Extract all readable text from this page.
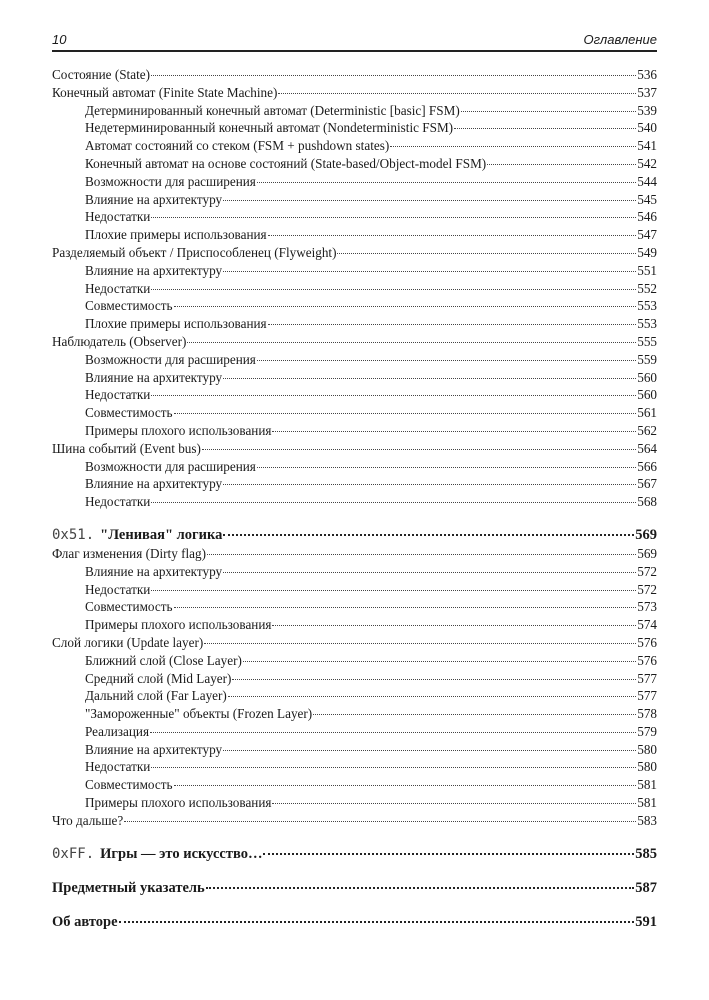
10	Оглавление
Состояние (State)	536
Конечный автомат (Finite State Machine)	537
Детерминированный конечный автомат (Deterministic [basic] FSM)	539
Недетерминированный конечный автомат (Nondeterministic FSM)	540
Автомат состояний со стеком (FSM + pushdown states)	541
Конечный автомат на основе состояний (State-based/Object-model FSM)	542
Возможности для расширения	544
Влияние на архитектуру	545
Недостатки	546
Плохие примеры использования	547
Разделяемый объект / Приспособленец (Flyweight)	549
Влияние на архитектуру	551
Недостатки	552
Совместимость	553
Плохие примеры использования	553
Наблюдатель (Observer)	555
Возможности для расширения	559
Влияние на архитектуру	560
Недостатки	560
Совместимость	561
Примеры плохого использования	562
Шина событий (Event bus)	564
Возможности для расширения	566
Влияние на архитектуру	567
Недостатки	568
0x51. "Ленивая" логика	569
Флаг изменения (Dirty flag)	569
Влияние на архитектуру	572
Недостатки	572
Совместимость	573
Примеры плохого использования	574
Слой логики (Update layer)	576
Ближний слой (Close Layer)	576
Средний слой (Mid Layer)	577
Дальний слой (Far Layer)	577
"Замороженные" объекты (Frozen Layer)	578
Реализация	579
Влияние на архитектуру	580
Недостатки	580
Совместимость	581
Примеры плохого использования	581
Что дальше?	583
0xFF. Игры — это искусство…	585
Предметный указатель	587
Об авторе	591
